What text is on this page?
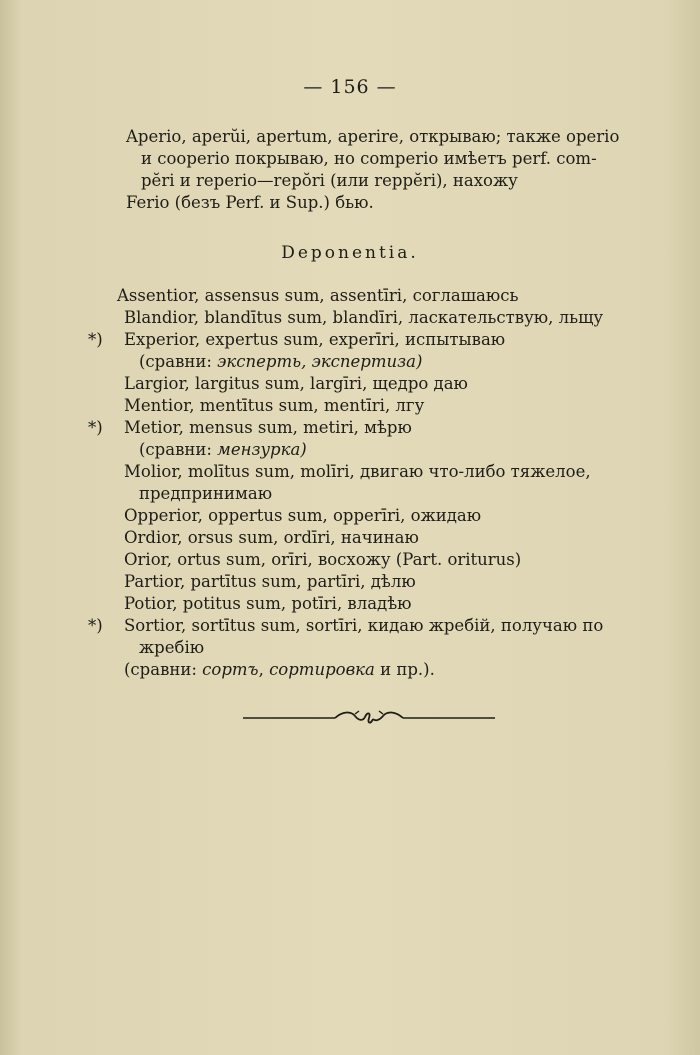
— 156 —
Aperio, aperŭi, apertum, aperire, открываю; также operio
и cooperio покрываю, но comperio имѣетъ perf. com-
pĕri и reperio—repŏri (или reppĕri), нахожу
Ferio (безъ Perf. и Sup.) бью.
Deponentia.
Assentior, assensus sum, assentīri, соглашаюсь
Blandior, blandītus sum, blandīri, ласкательствую, льщу
*) Experior, expertus sum, experīri, испытываю
(сравни: эксперть, экспертиза)
Largior, largitus sum, largīri, щедро даю
Mentior, mentītus sum, mentīri, лгу
*) Metior, mensus sum, metiri, мѣрю
(сравни: мензурка)
Molior, molītus sum, molīri, двигаю что-либо тяжелое,
предпринимаю
Opperior, oppertus sum, opperīri, ожидаю
Ordior, orsus sum, ordīri, начинаю
Orior, ortus sum, orīri, восхожу (Part. oriturus)
Partior, partītus sum, partīri, дѣлю
Potior, potitus sum, potīri, владѣю
*) Sortior, sortītus sum, sortīri, кидаю жребій, получаю по
жребію
(сравни: сортъ, сортировка и пр.).
